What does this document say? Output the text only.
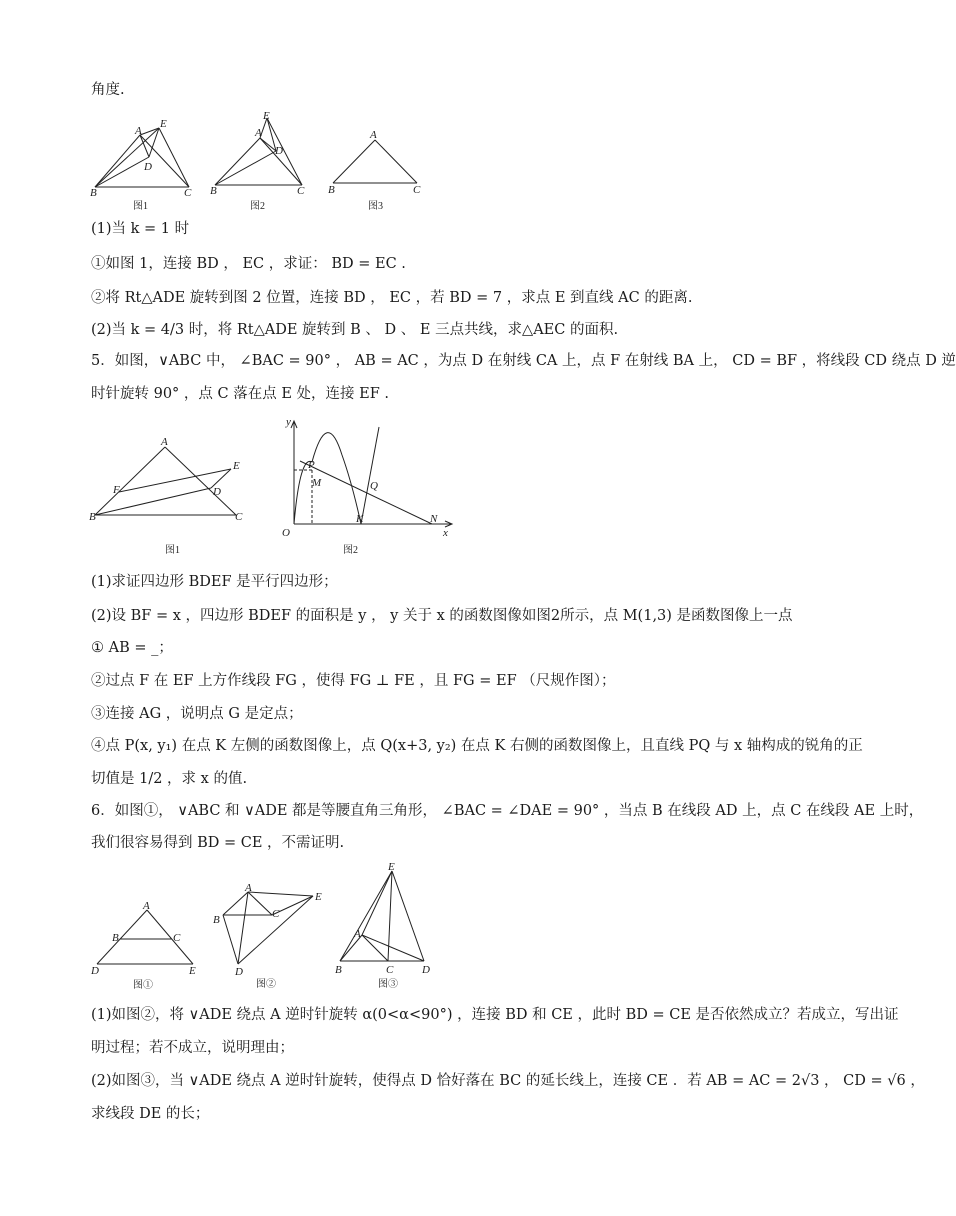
角度.
(1)当 k = 1 时
①如图 1，连接 BD ， EC ，求证： BD = EC .
②将 Rt△ADE 旋转到图 2 位置，连接 BD ， EC ，若 BD = 7 ，求点 E 到直线 AC 的距离.
(2)当 k = 4/3 时，将 Rt△ADE 旋转到 B 、 D 、 E 三点共线，求△AEC 的面积.
5．如图，∨ABC 中， ∠BAC = 90° ， AB = AC ，为点 D 在射线 CA 上，点 F 在射线 BA 上， CD = BF ，将线段 CD 绕点 D 逆
时针旋转 90° ，点 C 落在点 E 处，连接 EF .
(1)求证四边形 BDEF 是平行四边形；
(2)设 BF = x ，四边形 BDEF 的面积是 y ， y 关于 x 的函数图像如图2所示，点 M(1,3) 是函数图像上一点
① AB = _；
②过点 F 在 EF 上方作线段 FG ，使得 FG ⊥ FE ，且 FG = EF （尺规作图）；
③连接 AG ，说明点 G 是定点；
④点 P(x, y₁) 在点 K 左侧的函数图像上，点 Q(x+3, y₂) 在点 K 右侧的函数图像上，且直线 PQ 与 x 轴构成的锐角的正
切值是 1/2 ，求 x 的值.
6．如图①， ∨ABC 和 ∨ADE 都是等腰直角三角形， ∠BAC = ∠DAE = 90° ，当点 B 在线段 AD 上，点 C 在线段 AE 上时，
我们很容易得到 BD = CE ，不需证明.
(1)如图②，将 ∨ADE 绕点 A 逆时针旋转 α(0<α<90°) ，连接 BD 和 CE ，此时 BD = CE 是否依然成立？若成立，写出证
明过程；若不成立，说明理由；
(2)如图③，当 ∨ADE 绕点 A 逆时针旋转，使得点 D 恰好落在 BC 的延长线上，连接 CE ．若 AB = AC = 2√3 ， CD = √6 ，
求线段 DE 的长；
A
E
D
B	C
图1
A
E
D
B	C
图2
A
B	C
图3
A
E
F	D
B	C
图1
y
P
M	Q
K	N
O	x
图2
A
B	C
D	E
图①
A
E
B	C
D
图②
E
A
B	C	D
图③
